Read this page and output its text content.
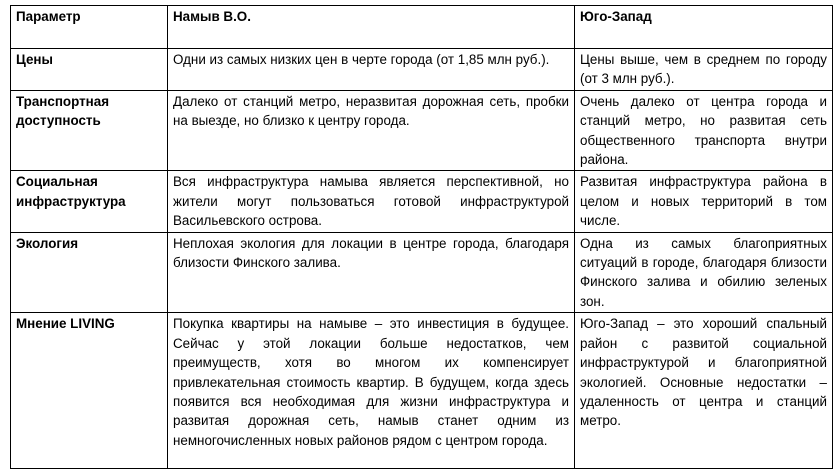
Параметр	Намыв В.О.	Юго-Запад
Цены	Одни из самых низких цен в черте города (от 1,85 млн руб.).	Цены выше, чем в среднем по городу (от 3 млн руб.).
Транспортная доступность	Далеко от станций метро, неразвитая дорожная сеть, пробки на выезде, но близко к центру города.	Очень далеко от центра города и станций метро, но развитая сеть общественного транспорта внутри района.
Социальная инфраструктура	Вся инфраструктура намыва является перспективной, но жители могут пользоваться готовой инфраструктурой Васильевского острова.	Развитая инфраструктура района в целом и новых территорий в том числе.
Экология	Неплохая экология для локации в центре города, благодаря близости Финского залива.	Одна из самых благоприятных ситуаций в городе, благодаря близости Финского залива и обилию зеленых зон.
Мнение LIVING	Покупка квартиры на намыве – это инвестиция в будущее. Сейчас у этой локации больше недостатков, чем преимуществ, хотя во многом их компенсирует привлекательная стоимость квартир. В будущем, когда здесь появится вся необходимая для жизни инфраструктура и развитая дорожная сеть, намыв станет одним из немногочисленных новых районов рядом с центром города.	Юго-Запад – это хороший спальный район с развитой социальной инфраструктурой и благоприятной экологией. Основные недостатки – удаленность от центра и станций метро.
